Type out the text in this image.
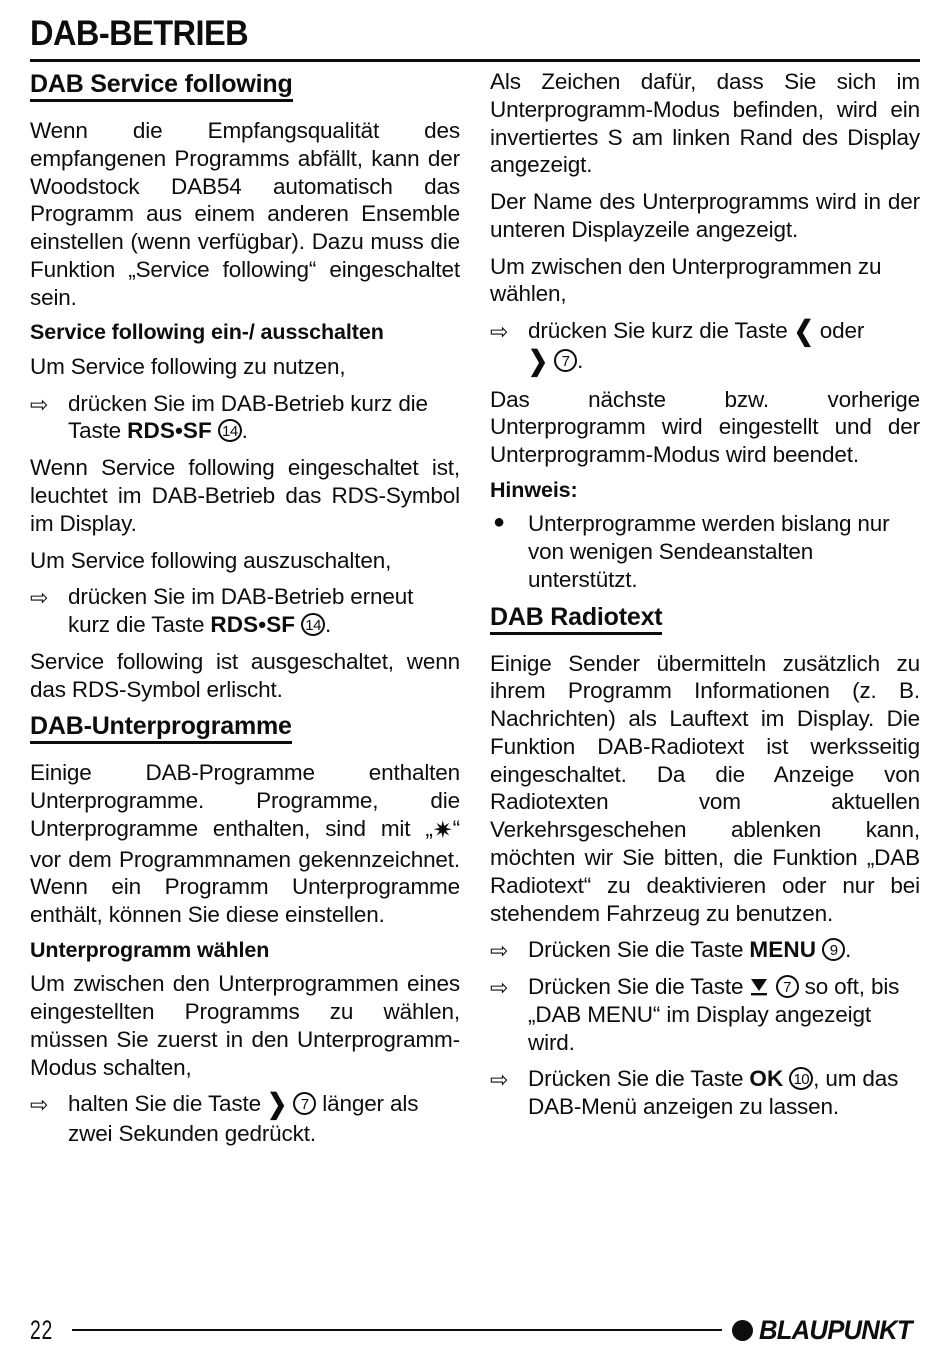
DAB-BETRIEB
DAB Service following

Wenn die Empfangsqualität des empfangenen Programms abfällt, kann der Woodstock DAB54 automatisch das Programm aus einem anderen Ensemble einstellen (wenn verfügbar). Dazu muss die Funktion „Service following“ eingeschaltet sein.

Service following ein-/ ausschalten

Um Service following zu nutzen,

⇨ drücken Sie im DAB-Betrieb kurz die Taste RDS•SF 14 .

Wenn Service following eingeschaltet ist, leuchtet im DAB-Betrieb das RDS-Symbol im Display.

Um Service following auszuschalten,

⇨ drücken Sie im DAB-Betrieb erneut kurz die Taste RDS•SF 14 .

Service following ist ausgeschaltet, wenn das RDS-Symbol erlischt.

DAB-Unterprogramme

Einige DAB-Programme enthalten Unterprogramme. Programme, die Unterprogramme enthalten, sind mit „✷“ vor dem Programmnamen gekennzeichnet. Wenn ein Programm Unterprogramme enthält, können Sie diese einstellen.

Unterprogramm wählen

Um zwischen den Unterprogrammen eines eingestellten Programms zu wählen, müssen Sie zuerst in den Unterprogramm-Modus schalten,

⇨ halten Sie die Taste ❯ 7 länger als zwei Sekunden gedrückt.

Als Zeichen dafür, dass Sie sich im Unterprogramm-Modus befinden, wird ein invertiertes S am linken Rand des Display angezeigt.

Der Name des Unterprogramms wird in der unteren Displayzeile angezeigt.

Um zwischen den Unterprogrammen zu wählen,

⇨ drücken Sie kurz die Taste ❮ oder
❯ 7 .

Das nächste bzw. vorherige Unterprogramm wird eingestellt und der Unterprogramm-Modus wird beendet.

Hinweis:
●	Unterprogramme werden bislang nur von wenigen Sendeanstalten unterstützt.
DAB Radiotext

Einige Sender übermitteln zusätzlich zu ihrem Programm Informationen (z. B. Nachrichten) als Lauftext im Display. Die Funktion DAB-Radiotext ist werksseitig eingeschaltet. Da die Anzeige von Radiotexten vom aktuellen Verkehrsgeschehen ablenken kann, möchten wir Sie bitten, die Funktion „DAB Radiotext“ zu deaktivieren oder nur bei stehendem Fahrzeug zu benutzen.

⇨ Drücken Sie die Taste MENU 9 .
⇨ Drücken Sie die Taste
7 so oft, bis „DAB MENU“ im Display angezeigt wird.
⇨ Drücken Sie die Taste OK 10 , um das DAB-Menü anzeigen zu lassen.
22	BLAUPUNKT
